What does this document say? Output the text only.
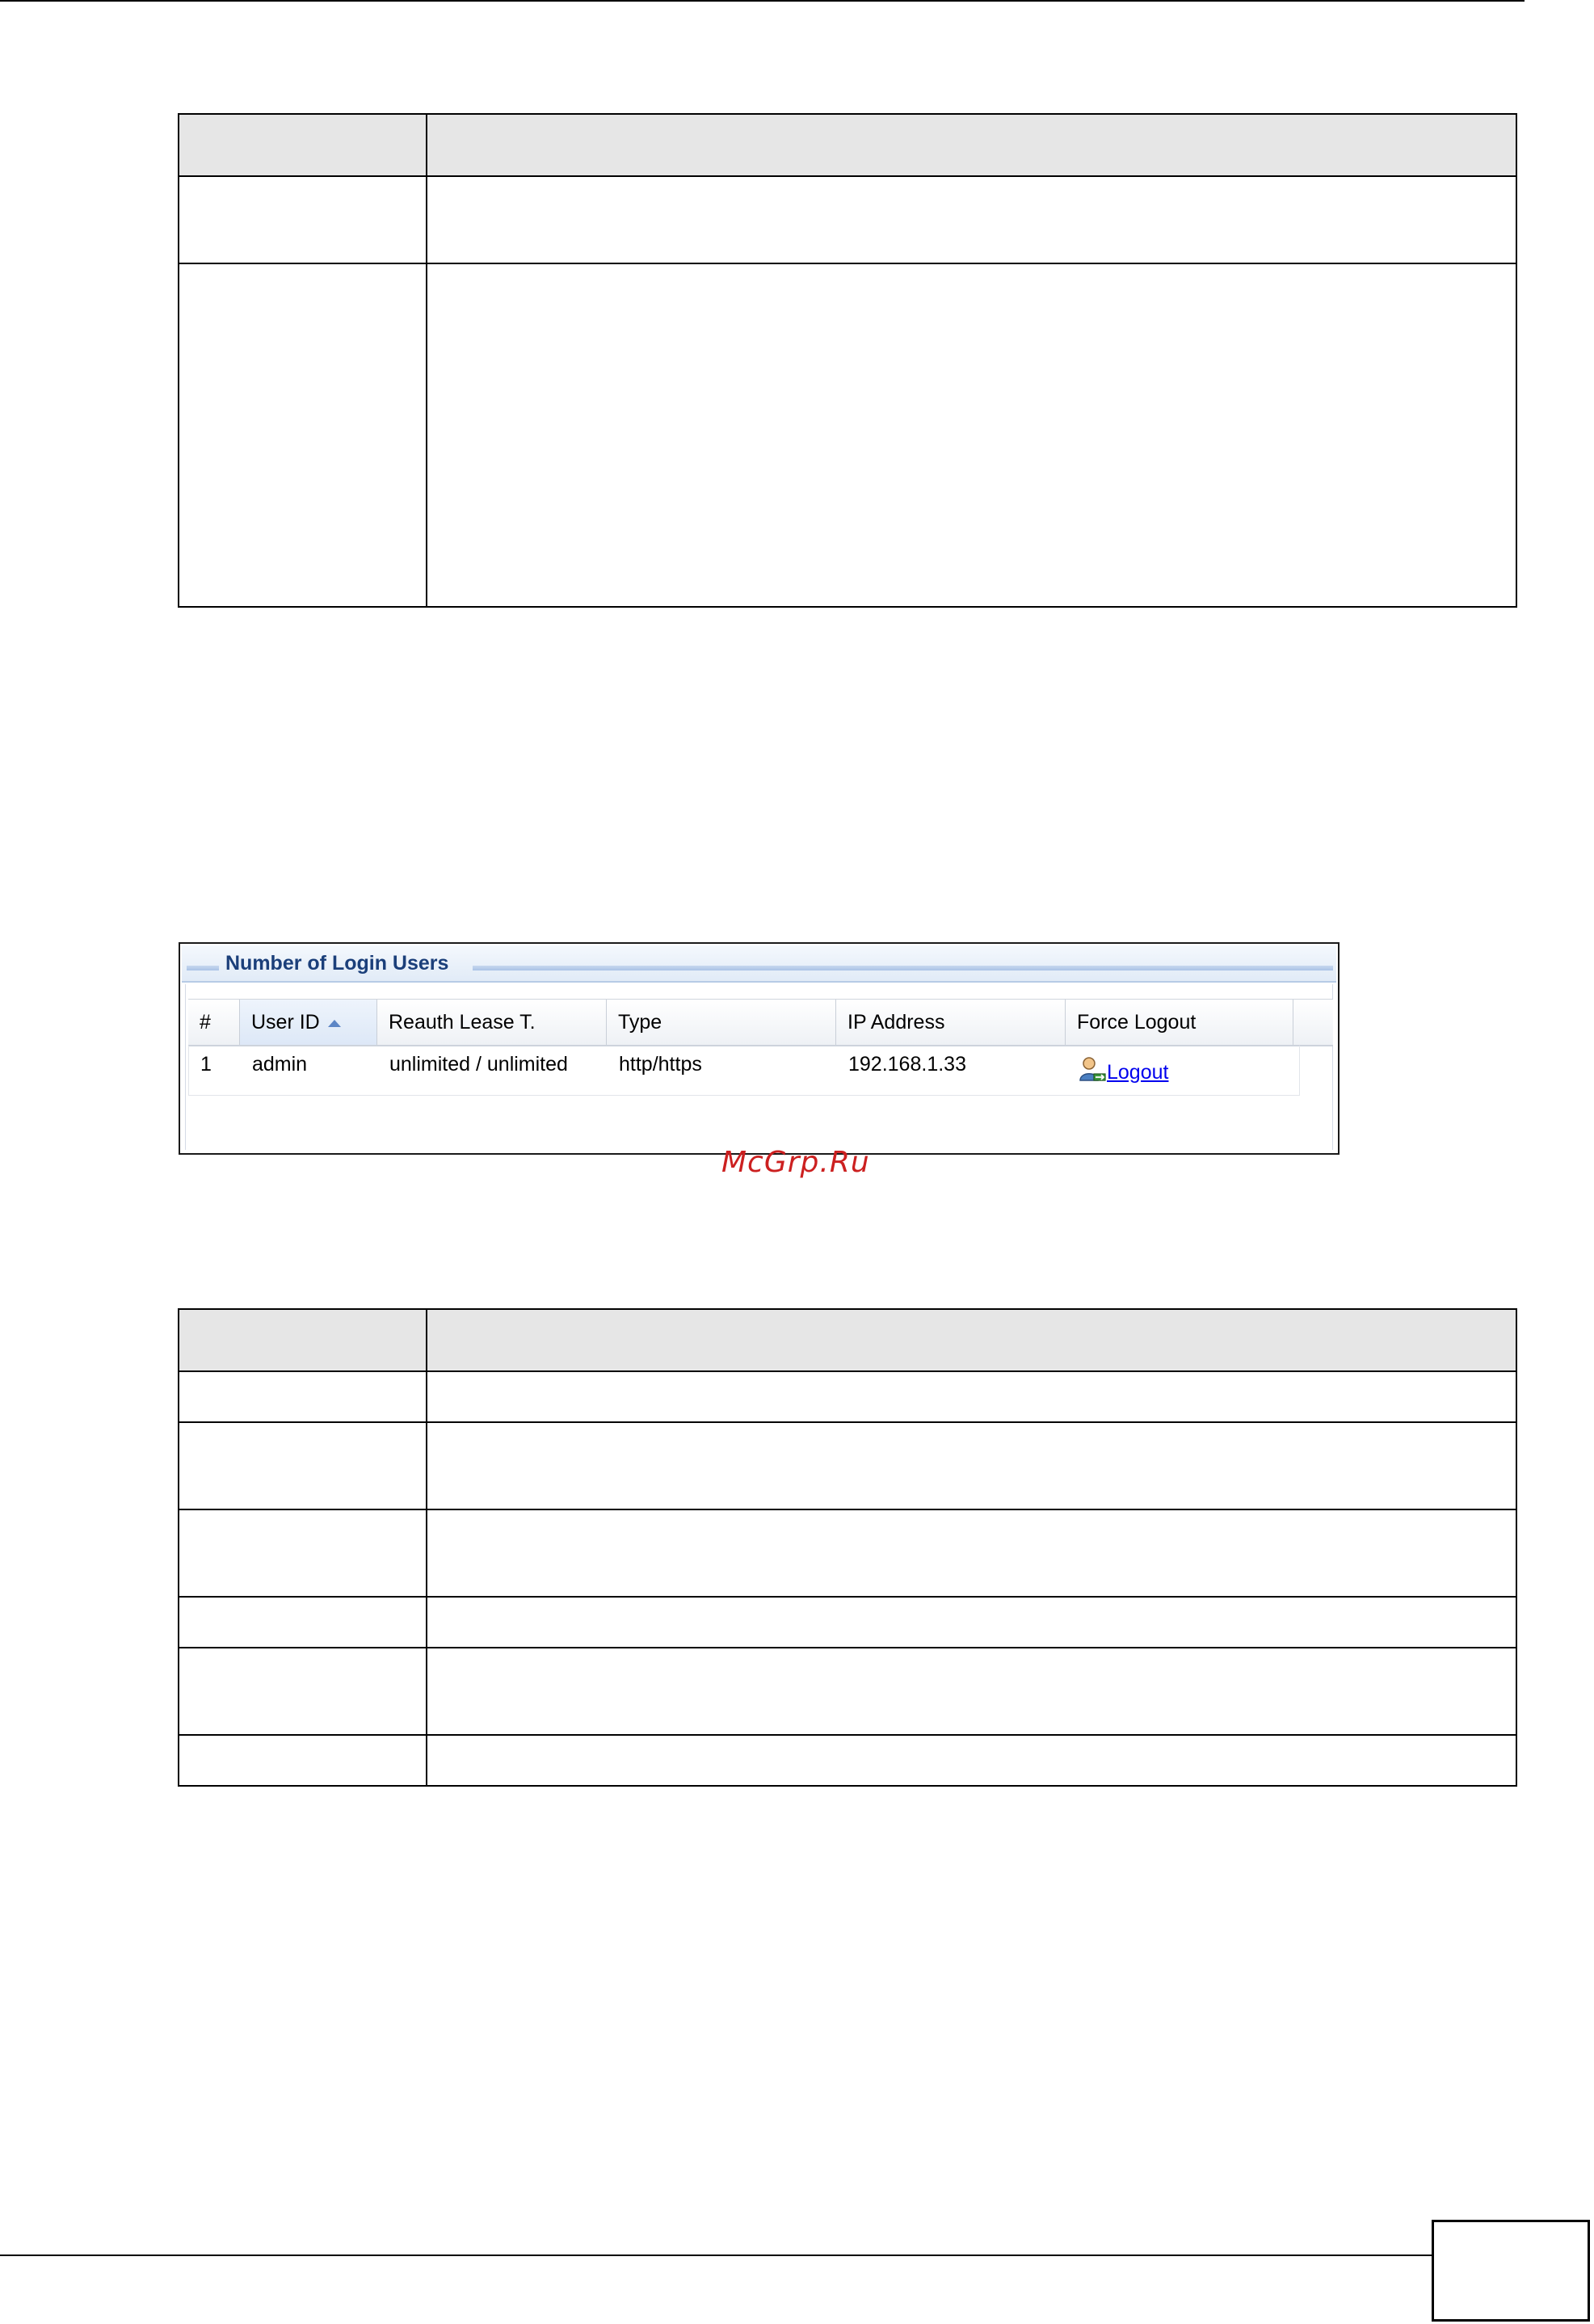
Number of Login Users
#	User ID	Reauth Lease T.	Type	IP Address	Force Logout
1	admin	unlimited / unlimited	http/https	192.168.1.33	Logout
McGrp.Ru
